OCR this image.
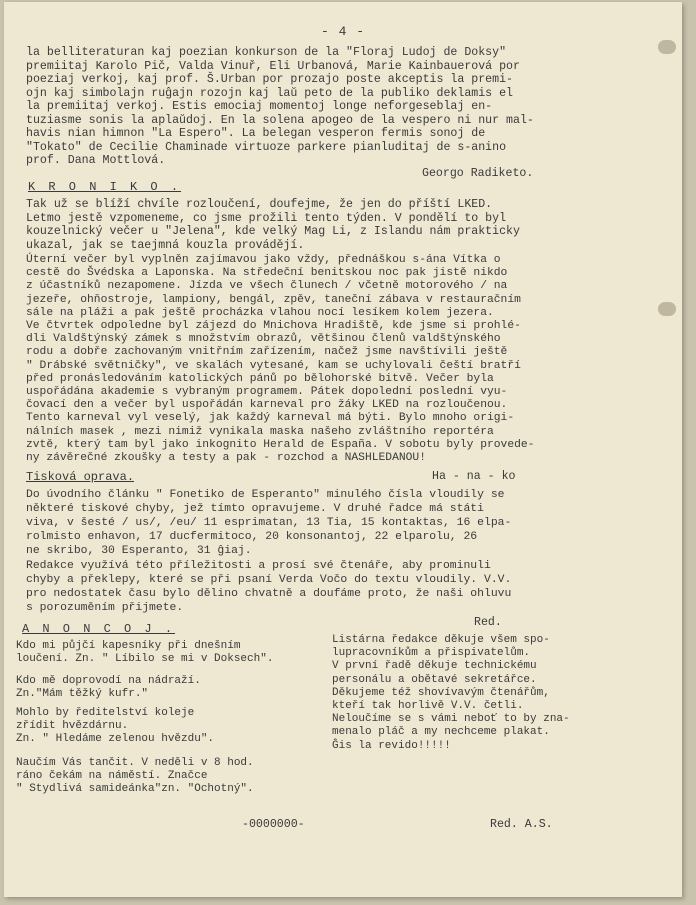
- 4 -
la belliteraturan kaj poezian konkurson de la "Floraj Ludoj de Doksy"
premiitaj Karolo Pič, Valda Vinuř, Eli Urbanová, Marie Kainbauerová por
poeziaj verkoj, kaj prof. Š.Urban por prozajo poste akceptis la premi-
ojn kaj simbolajn ruĝajn rozojn kaj laŭ peto de la publiko deklamis el
la premiitaj verkoj. Estis emociaj momentoj longe neforgeseblaj en-
tuziasme sonis la aplaŭdoj. En la solena apogeo de la vespero ni nur mal-
havis nian himnon "La Espero". La belegan vesperon fermis sonoj de
"Tokato" de Cecilie Chaminade virtuoze parkere pianluditaj de s-anino
prof. Dana Mottlová.
Georgo Radiketo.
K R O N I K O .
Tak už se blíží chvíle rozloučení, doufejme, že jen do příští LKED.
Letmo jestě vzpomeneme, co jsme prožili tento týden. V pondělí to byl
kouzelnický večer u "Jelena", kde velký Mag Li, z Islandu nám prakticky
ukazal, jak se taejmná kouzla provádějí.
Úterní večer byl vyplněn zajímavou jako vždy, přednáškou s-ána Vítka o
cestě do Švédska a Laponska. Na středeční benitskou noc pak jistě nikdo
z účastníků nezapomene. Jízda ve všech člunech / včetně motorového / na
jezeře, ohňostroje, lampiony, bengál, zpěv, taneční zábava v restauračním
sále na pláži a pak ještě procházka vlahou nocí lesíkem kolem jezera.
Ve čtvrtek odpoledne byl zájezd do Mnichova Hradiště, kde jsme si prohlé-
dli Valdštýnský zámek s množstvím obrazů, většinou členů valdštýnského
rodu a dobře zachovaným vnitřním zařízením, načež jsme navštívili ještě
" Drábské světničky", ve skalách vytesané, kam se uchylovali čeští bratří
před pronásledováním katolických pánů po bělohorské bitvě. Večer byla
uspořádána akademie s vybraným programem. Pátek dopolední poslední vyu-
čovací den a večer byl uspořádán karneval pro žáky LKED na rozloučenou.
Tento karneval vyl veselý, jak každý karneval má býti. Bylo mnoho origi-
nálních masek , mezi nimiž vynikala maska našeho zvláštního reportéra
zvtě, který tam byl jako inkognito Herald de España. V sobotu byly provede-
ny závěrečné zkoušky a testy a pak - rozchod a NASHLEDANOU!
Ha - na - ko
Tisková oprava.
Do úvodního článku " Fonetiko de Esperanto" minulého čísla vloudily se
některé tiskové chyby, jež tímto opravujeme. V druhé řadce má státi
viva, v šesté / us/, /eu/ 11 esprimatan, 13 Tia, 15 kontaktas, 16 elpa-
rolmisto enhavon, 17 ducfermitoco, 20 konsonantoj, 22 elparolu, 26
ne skribo, 30 Esperanto, 31 ĝiaj.
Redakce využívá této příležitosti a prosí své čtenáře, aby prominuli
chyby a překlepy, které se při psaní Verda Vočo do textu vloudily. V.V.
pro nedostatek času bylo dělino chvatně a doufáme proto, že naši ohluvu
s porozuměním přijmete.
Red.
A N O N C O J .
Kdo mi půjčí kapesníky při dnešním
loučení. Zn. " Líbilo se mi v Doksech".
Kdo mě doprovodí na nádraží.
Zn."Mám těžký kufr."
Mohlo by ředitelství koleje
zřídit hvězdárnu.
Zn. " Hledáme zelenou hvězdu".
Naučím Vás tančit. V neděli v 8 hod.
ráno čekám na náměstí. Značce
" Stydlivá samideánka"zn. "Ochotný".
Listárna ředakce děkuje všem spo-
lupracovníkům a přispivatelům.
V první řadě děkuje technickému
personálu a obětavé sekretářce.
Děkujeme též shovívavým čtenářům,
kteří tak horlivě V.V. četli.
Neloučíme se s vámi neboť to by zna-
menalo pláč a my nechceme plakat.
Ĝis la revido!!!!!
-0000000-	Red. A.S.
